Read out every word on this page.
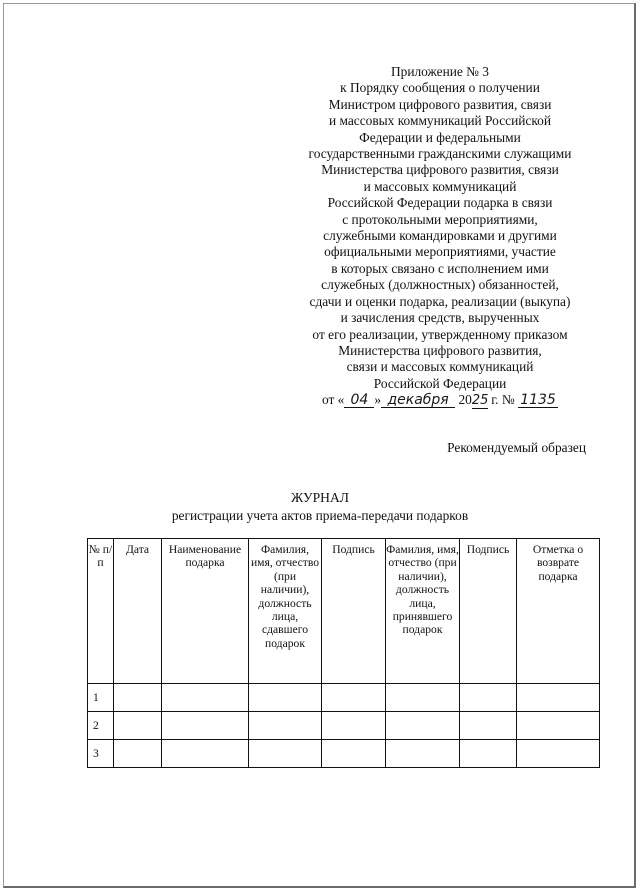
Приложение № 3
к Порядку сообщения о получении
Министром цифрового развития, связи
и массовых коммуникаций Российской
Федерации и федеральными
государственными гражданскими служащими
Министерства цифрового развития, связи
и массовых коммуникаций
Российской Федерации подарка в связи
с протокольными мероприятиями,
служебными командировками и другими
официальными мероприятиями, участие
в которых связано с исполнением ими
служебных (должностных) обязанностей,
сдачи и оценки подарка, реализации (выкупа)
и зачисления средств, вырученных
от его реализации, утвержденному приказом
Министерства цифрового развития,
связи и массовых коммуникаций
Российской Федерации
от « 04 » декабря 2025 г. № 1135
Рекомендуемый образец
ЖУРНАЛ
регистрации учета актов приема-передачи подарков
№ п/п	Дата	Наименование подарка	Фамилия, имя, отчество (при наличии), должность лица, сдавшего подарок	Подпись	Фамилия, имя, отчество (при наличии), должность лица, принявшего подарок	Подпись	Отметка о возврате подарка
1							
2							
3							
